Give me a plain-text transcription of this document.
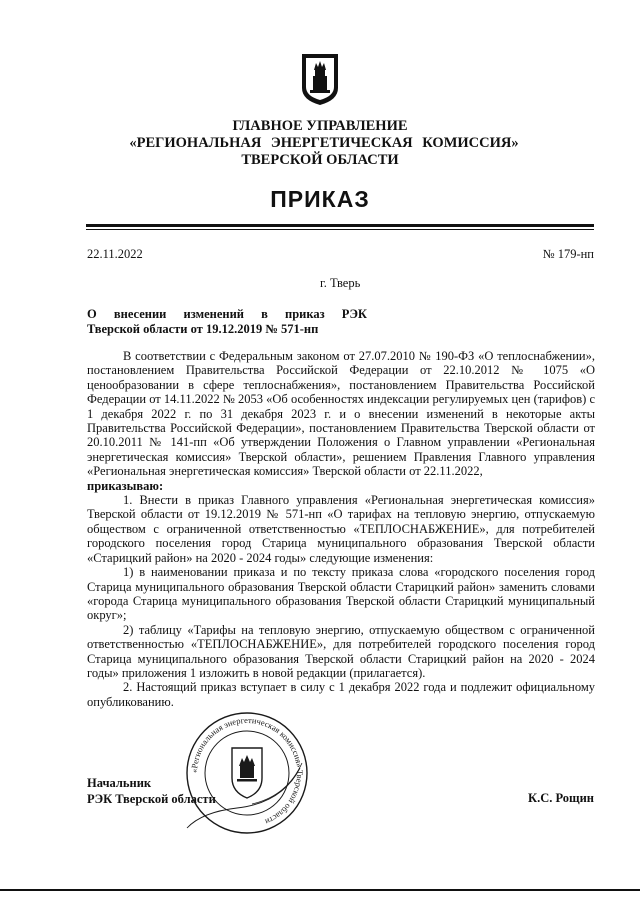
ГЛАВНОЕ УПРАВЛЕНИЕ
«РЕГИОНАЛЬНАЯ ЭНЕРГЕТИЧЕСКАЯ КОМИССИЯ»
ТВЕРСКОЙ ОБЛАСТИ
ПРИКАЗ
22.11.2022	№ 179-нп
г. Тверь
О внесении изменений в приказ РЭК
Тверской области от 19.12.2019 № 571-нп

В соответствии с Федеральным законом от 27.07.2010 № 190-ФЗ «О теплоснабжении», постановлением Правительства Российской Федерации от 22.10.2012 № 1075 «О ценообразовании в сфере теплоснабжения», постановлением Правительства Российской Федерации от 14.11.2022 № 2053 «Об особенностях индексации регулируемых цен (тарифов) с 1 декабря 2022 г. по 31 декабря 2023 г. и о внесении изменений в некоторые акты Правительства Российской Федерации», постановлением Правительства Тверской области от 20.10.2011 № 141-пп «Об утверждении Положения о Главном управлении «Региональная энергетическая комиссия» Тверской области», решением Правления Главного управления «Региональная энергетическая комиссия» Тверской области от 22.11.2022,

приказываю:

1. Внести в приказ Главного управления «Региональная энергетическая комиссия» Тверской области от 19.12.2019 № 571-нп «О тарифах на тепловую энергию, отпускаемую обществом с ограниченной ответственностью «ТЕПЛОСНАБЖЕНИЕ», для потребителей городского поселения город Старица муниципального образования Тверской области «Старицкий район» на 2020 - 2024 годы» следующие изменения:

1) в наименовании приказа и по тексту приказа слова «городского поселения город Старица муниципального образования Тверской области Старицкий район» заменить словами «города Старица муниципального образования Тверской области Старицкий муниципальный округ»;

2) таблицу «Тарифы на тепловую энергию, отпускаемую обществом с ограниченной ответственностью «ТЕПЛОСНАБЖЕНИЕ», для потребителей городского поселения город Старица муниципального образования Тверской области Старицкий район на 2020 - 2024 годы» приложения 1 изложить в новой редакции (прилагается).

2. Настоящий приказ вступает в силу с 1 декабря 2022 года и подлежит официальному опубликованию.

Начальник
РЭК Тверской области	К.С. Рощин
«Региональная энергетическая комиссия» Тверской области
